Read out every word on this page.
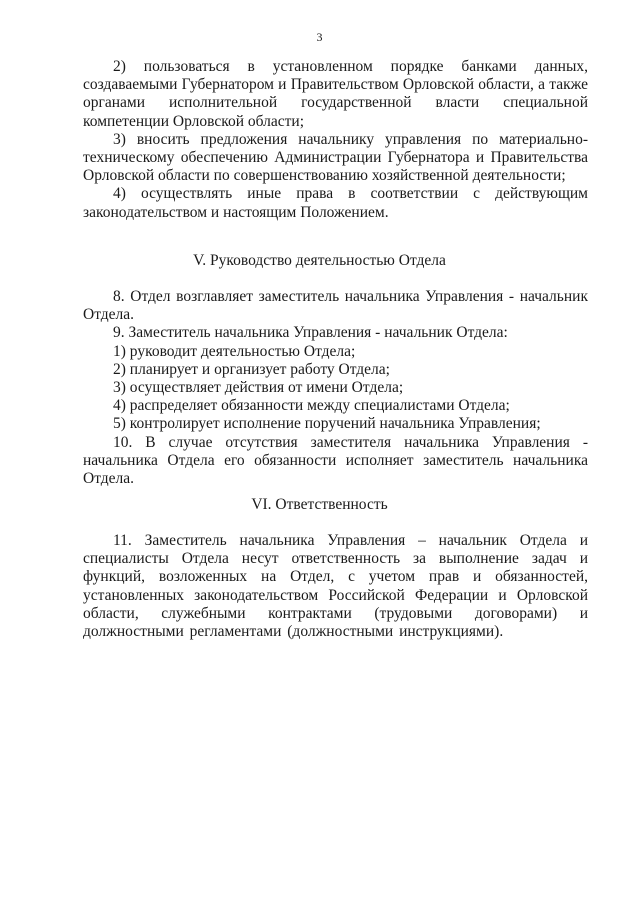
3

2) пользоваться в установленном порядке банками данных, создаваемыми Губернатором и Правительством Орловской области, а также органами исполнительной государственной власти специальной компетенции Орловской области;

3) вносить предложения начальнику управления по материально-техническому обеспечению Администрации Губернатора и Правительства Орловской области по совершенствованию хозяйственной деятельности;

4) осуществлять иные права в соответствии с действующим законодательством и настоящим Положением.

V. Руководство деятельностью Отдела

8. Отдел возглавляет заместитель начальника Управления - начальник Отдела.

9. Заместитель начальника Управления - начальник Отдела:

1) руководит деятельностью Отдела;

2) планирует и организует работу Отдела;

3) осуществляет действия от имени Отдела;

4) распределяет обязанности между специалистами Отдела;

5) контролирует исполнение поручений начальника Управления;

10. В случае отсутствия заместителя начальника Управления - начальника Отдела его обязанности исполняет заместитель начальника Отдела.

VI. Ответственность

11. Заместитель начальника Управления – начальник Отдела и специалисты Отдела несут ответственность за выполнение задач и функций, возложенных на Отдел, с учетом прав и обязанностей, установленных законодательством Российской Федерации и Орловской области, служебными контрактами (трудовыми договорами) и должностными регламентами (должностными инструкциями).
